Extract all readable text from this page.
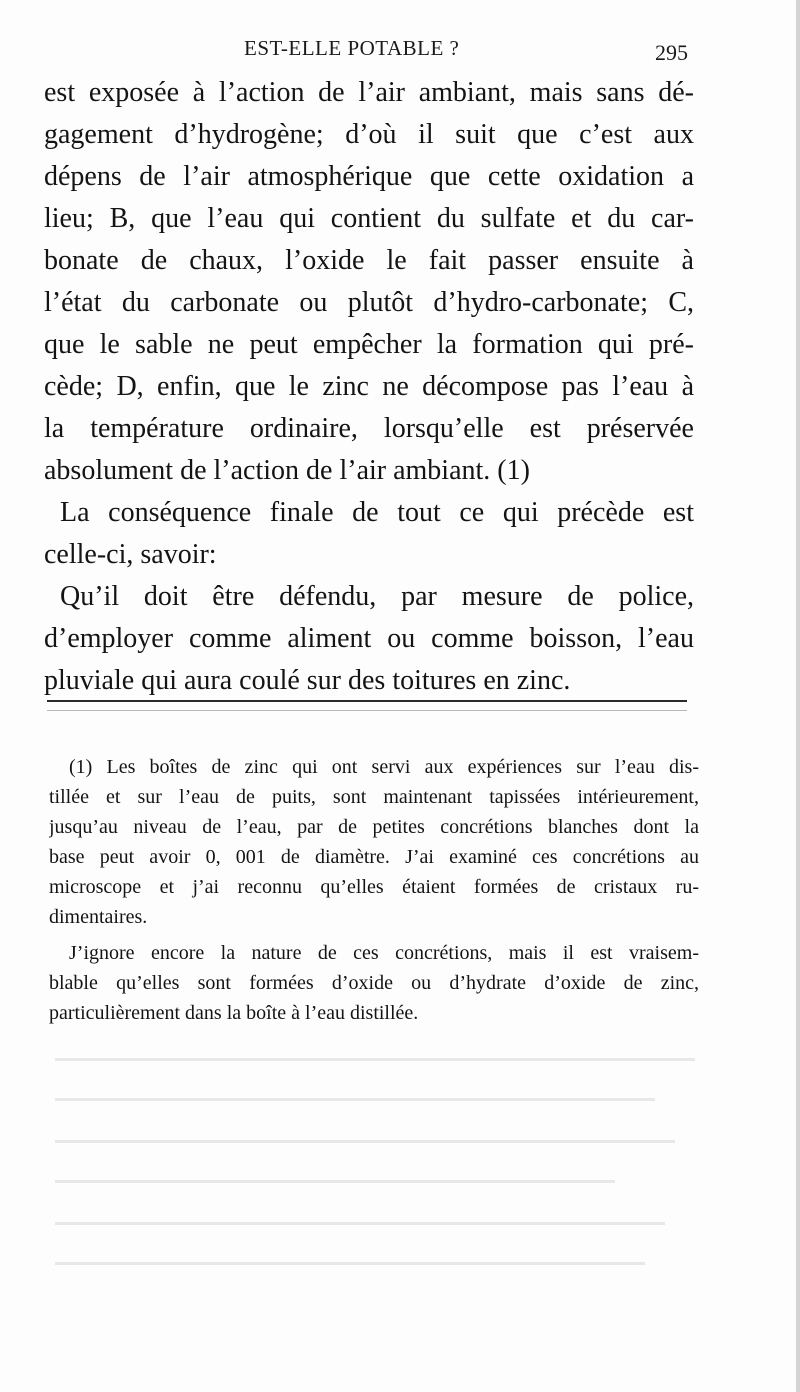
EST-ELLE POTABLE ?	295
est exposée à l’action de l’air ambiant, mais sans dé-
gagement d’hydrogène; d’où il suit que c’est aux
dépens de l’air atmosphérique que cette oxidation a
lieu; B, que l’eau qui contient du sulfate et du car-
bonate de chaux, l’oxide le fait passer ensuite à
l’état du carbonate ou plutôt d’hydro-carbonate; C,
que le sable ne peut empêcher la formation qui pré-
cède; D, enfin, que le zinc ne décompose pas l’eau à
la température ordinaire, lorsqu’elle est préservée
absolument de l’action de l’air ambiant. (1)
La conséquence finale de tout ce qui précède est
celle-ci, savoir:
Qu’il doit être défendu, par mesure de police,
d’employer comme aliment ou comme boisson, l’eau
pluviale qui aura coulé sur des toitures en zinc.
(1) Les boîtes de zinc qui ont servi aux expériences sur l’eau dis-
tillée et sur l’eau de puits, sont maintenant tapissées intérieurement,
jusqu’au niveau de l’eau, par de petites concrétions blanches dont la
base peut avoir 0, 001 de diamètre. J’ai examiné ces concrétions au
microscope et j’ai reconnu qu’elles étaient formées de cristaux ru-
dimentaires.
J’ignore encore la nature de ces concrétions, mais il est vraisem-
blable qu’elles sont formées d’oxide ou d’hydrate d’oxide de zinc,
particulièrement dans la boîte à l’eau distillée.
